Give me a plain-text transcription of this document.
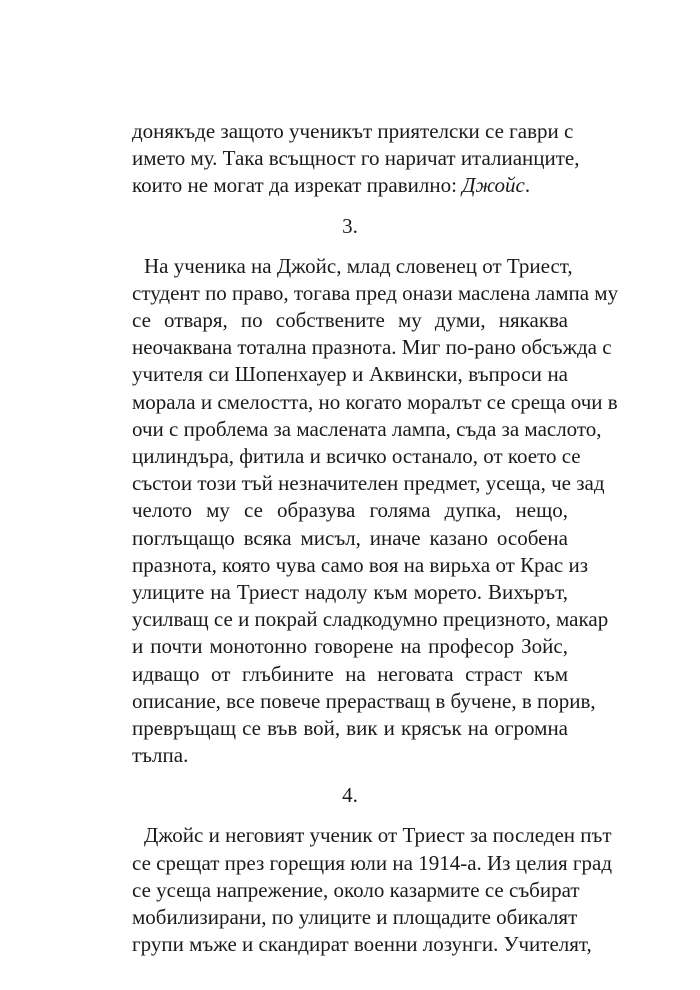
донякъде защото ученикът приятелски се гаври с
името му. Така всъщност го наричат италианците,
които не могат да изрекат правилно: Джойс.
3.
На ученика на Джойс, млад словенец от Триест,
студент по право, тогава пред онази маслена лампа му
се отваря, по собствените му думи, някаква
неочаквана тотална празнота. Миг по-рано обсъжда с
учителя си Шопенхауер и Аквински, въпроси на
морала и смелостта, но когато моралът се среща очи в
очи с проблема за маслената лампа, съда за маслото,
цилиндъра, фитила и всичко останало, от което се
състои този тъй незначителен предмет, усеща, че зад
челото му се образува голяма дупка, нещо,
поглъщащо всяка мисъл, иначе казано особена
празнота, която чува само воя на вирьха от Крас из
улиците на Триест надолу към морето. Вихърът,
усилващ се и покрай сладкодумно прецизното, макар
и почти монотонно говорене на професор Зойс,
идващо от глъбините на неговата страст към
описание, все повече прерастващ в бучене, в порив,
превръщащ се във вой, вик и крясък на огромна
тълпа.
4.
Джойс и неговият ученик от Триест за последен път
се срещат през горещия юли на 1914-а. Из целия град
се усеща напрежение, около казармите се събират
мобилизирани, по улиците и площадите обикалят
групи мъже и скандират военни лозунги. Учителят,
